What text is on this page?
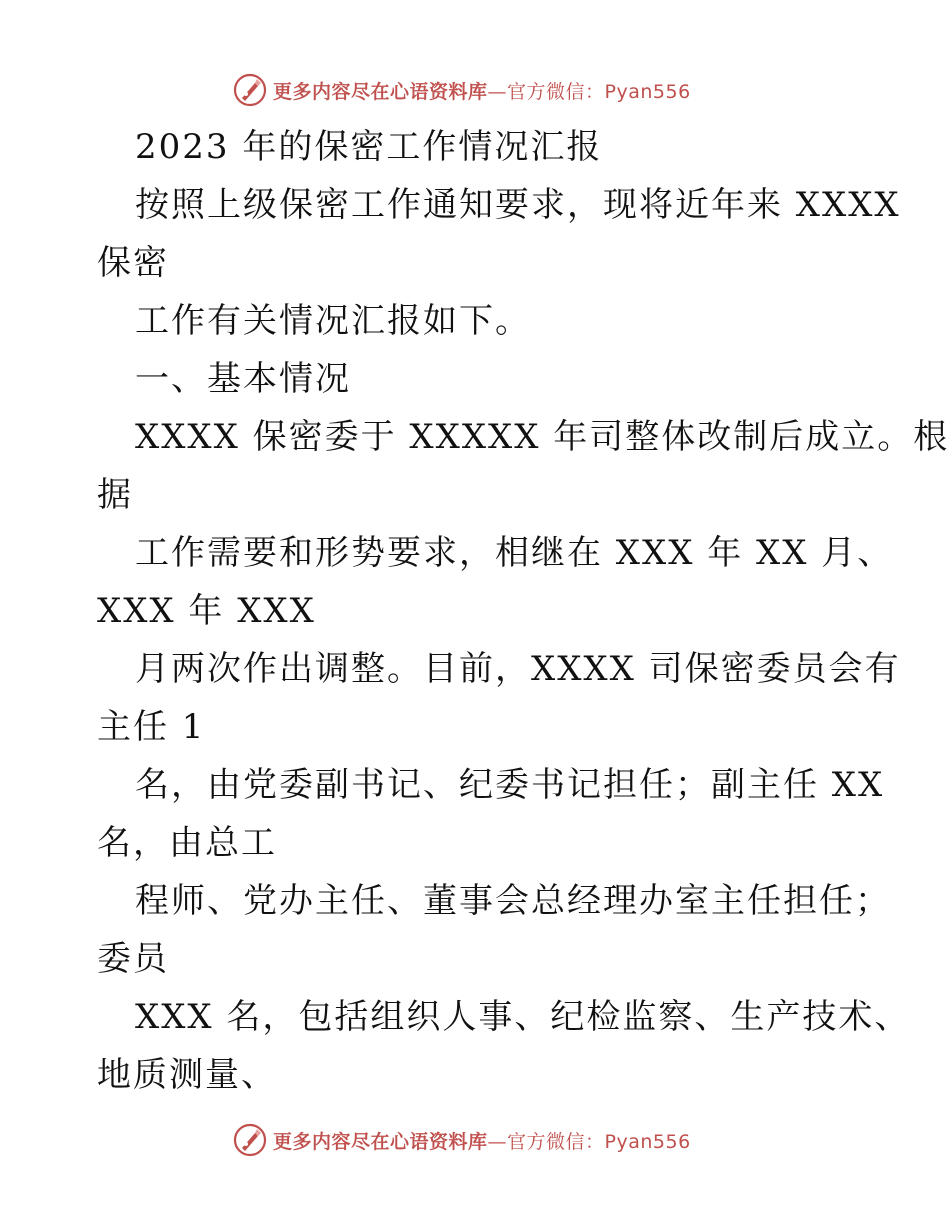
更多内容尽在心语资料库—官方微信：Pyan556
2023 年的保密工作情况汇报
按照上级保密工作通知要求，现将近年来 XXXX
保密
工作有关情况汇报如下。
一、基本情况
XXXX 保密委于 XXXXX 年司整体改制后成立。根
据
工作需要和形势要求，相继在 XXX 年 XX 月、
XXX 年 XXX
月两次作出调整。目前，XXXX 司保密委员会有
主任 1
名，由党委副书记、纪委书记担任；副主任 XX
名，由总工
程师、党办主任、董事会总经理办室主任担任；
委员
XXX 名，包括组织人事、纪检监察、生产技术、
地质测量、
更多内容尽在心语资料库—官方微信：Pyan556
